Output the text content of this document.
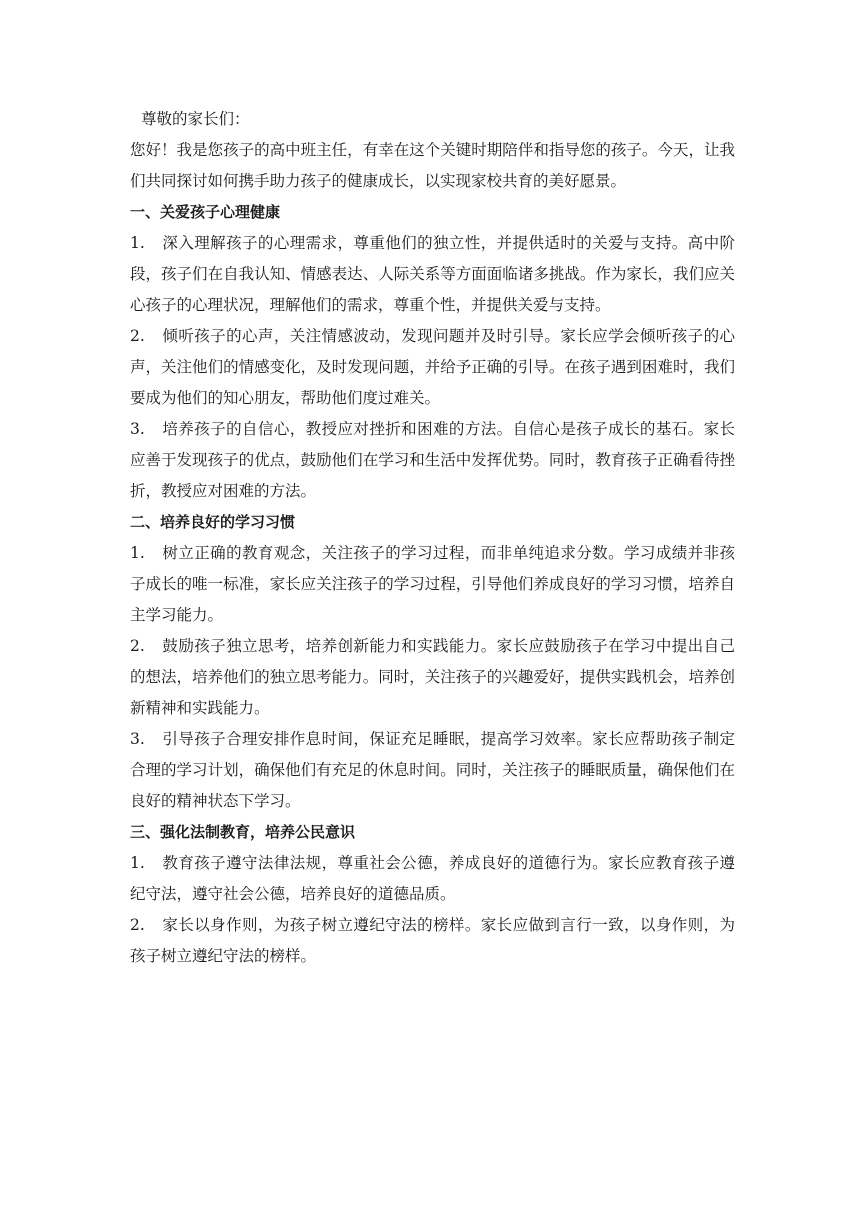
尊敬的家长们：

您好！我是您孩子的高中班主任，有幸在这个关键时期陪伴和指导您的孩子。今天，让我们共同探讨如何携手助力孩子的健康成长，以实现家校共育的美好愿景。

一、关爱孩子心理健康

1. 深入理解孩子的心理需求，尊重他们的独立性，并提供适时的关爱与支持。高中阶段，孩子们在自我认知、情感表达、人际关系等方面面临诸多挑战。作为家长，我们应关心孩子的心理状况，理解他们的需求，尊重个性，并提供关爱与支持。

2. 倾听孩子的心声，关注情感波动，发现问题并及时引导。家长应学会倾听孩子的心声，关注他们的情感变化，及时发现问题，并给予正确的引导。在孩子遇到困难时，我们要成为他们的知心朋友，帮助他们度过难关。

3. 培养孩子的自信心，教授应对挫折和困难的方法。自信心是孩子成长的基石。家长应善于发现孩子的优点，鼓励他们在学习和生活中发挥优势。同时，教育孩子正确看待挫折，教授应对困难的方法。

二、培养良好的学习习惯

1. 树立正确的教育观念，关注孩子的学习过程，而非单纯追求分数。学习成绩并非孩子成长的唯一标准，家长应关注孩子的学习过程，引导他们养成良好的学习习惯，培养自主学习能力。

2. 鼓励孩子独立思考，培养创新能力和实践能力。家长应鼓励孩子在学习中提出自己的想法，培养他们的独立思考能力。同时，关注孩子的兴趣爱好，提供实践机会，培养创新精神和实践能力。

3. 引导孩子合理安排作息时间，保证充足睡眠，提高学习效率。家长应帮助孩子制定合理的学习计划，确保他们有充足的休息时间。同时，关注孩子的睡眠质量，确保他们在良好的精神状态下学习。

三、强化法制教育，培养公民意识

1. 教育孩子遵守法律法规，尊重社会公德，养成良好的道德行为。家长应教育孩子遵纪守法，遵守社会公德，培养良好的道德品质。

2. 家长以身作则，为孩子树立遵纪守法的榜样。家长应做到言行一致，以身作则，为孩子树立遵纪守法的榜样。
